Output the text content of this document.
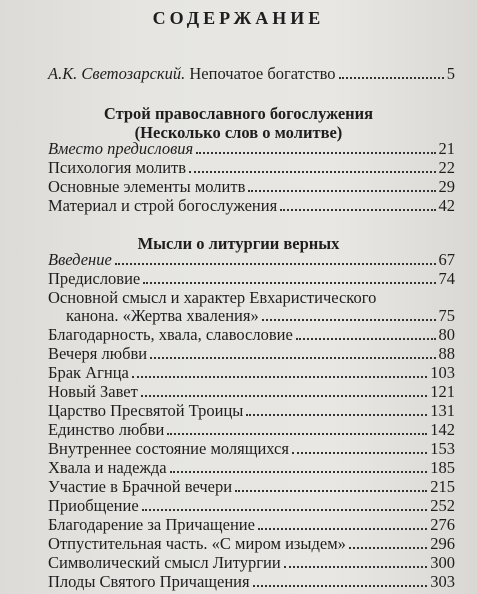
СОДЕРЖАНИЕ
А.К. Светозарский. Непочатое богатство	5
Строй православного богослужения
(Несколько слов о молитве)
Вместо предисловия	21
Психология молитв	22
Основные элементы молитв	29
Материал и строй богослужения	42
Мысли о литургии верных
Введение	67
Предисловие	74
Основной смысл и характер Евхаристического
канона. «Жертва хваления»	75
Благодарность, хвала, славословие	80
Вечеря любви	88
Брак Агнца	103
Новый Завет	121
Царство Пресвятой Троицы	131
Единство любви	142
Внутреннее состояние молящихся	153
Хвала и надежда	185
Участие в Брачной вечери	215
Приобщение	252
Благодарение за Причащение	276
Отпустительная часть. «С миром изыдем»	296
Символический смысл Литургии	300
Плоды Святого Причащения	303
